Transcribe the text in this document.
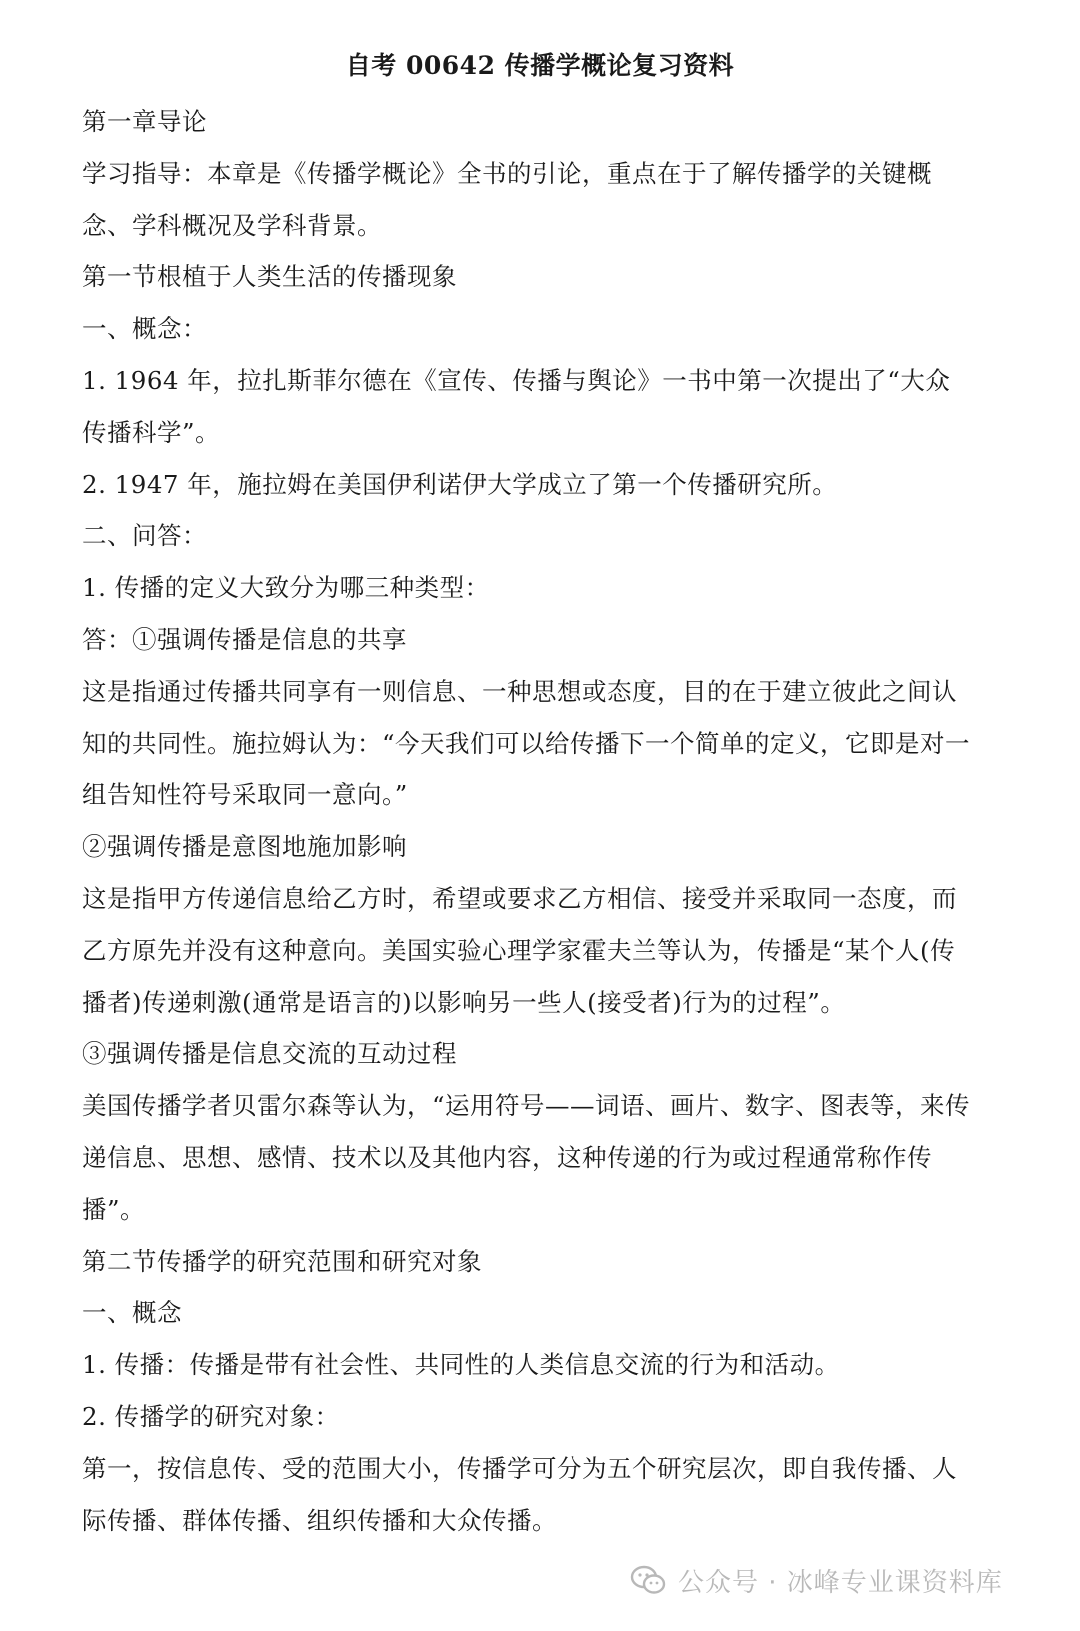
自考 00642 传播学概论复习资料

第一章导论

学习指导：本章是《传播学概论》全书的引论，重点在于了解传播学的关键概念、学科概况及学科背景。

第一节根植于人类生活的传播现象

一、概念：

1. 1964 年，拉扎斯菲尔德在《宣传、传播与舆论》一书中第一次提出了“大众传播科学”。

2. 1947 年，施拉姆在美国伊利诺伊大学成立了第一个传播研究所。

二、问答：

1. 传播的定义大致分为哪三种类型：

答：①强调传播是信息的共享

这是指通过传播共同享有一则信息、一种思想或态度，目的在于建立彼此之间认知的共同性。施拉姆认为：“今天我们可以给传播下一个简单的定义，它即是对一组告知性符号采取同一意向。”

②强调传播是意图地施加影响

这是指甲方传递信息给乙方时，希望或要求乙方相信、接受并采取同一态度，而乙方原先并没有这种意向。美国实验心理学家霍夫兰等认为，传播是“某个人(传播者)传递刺激(通常是语言的)以影响另一些人(接受者)行为的过程”。

③强调传播是信息交流的互动过程

美国传播学者贝雷尔森等认为，“运用符号——词语、画片、数字、图表等，来传递信息、思想、感情、技术以及其他内容，这种传递的行为或过程通常称作传播”。

第二节传播学的研究范围和研究对象

一、概念

1. 传播：传播是带有社会性、共同性的人类信息交流的行为和活动。

2. 传播学的研究对象：

第一，按信息传、受的范围大小，传播学可分为五个研究层次，即自我传播、人际传播、群体传播、组织传播和大众传播。

公众号 · 冰峰专业课资料库
